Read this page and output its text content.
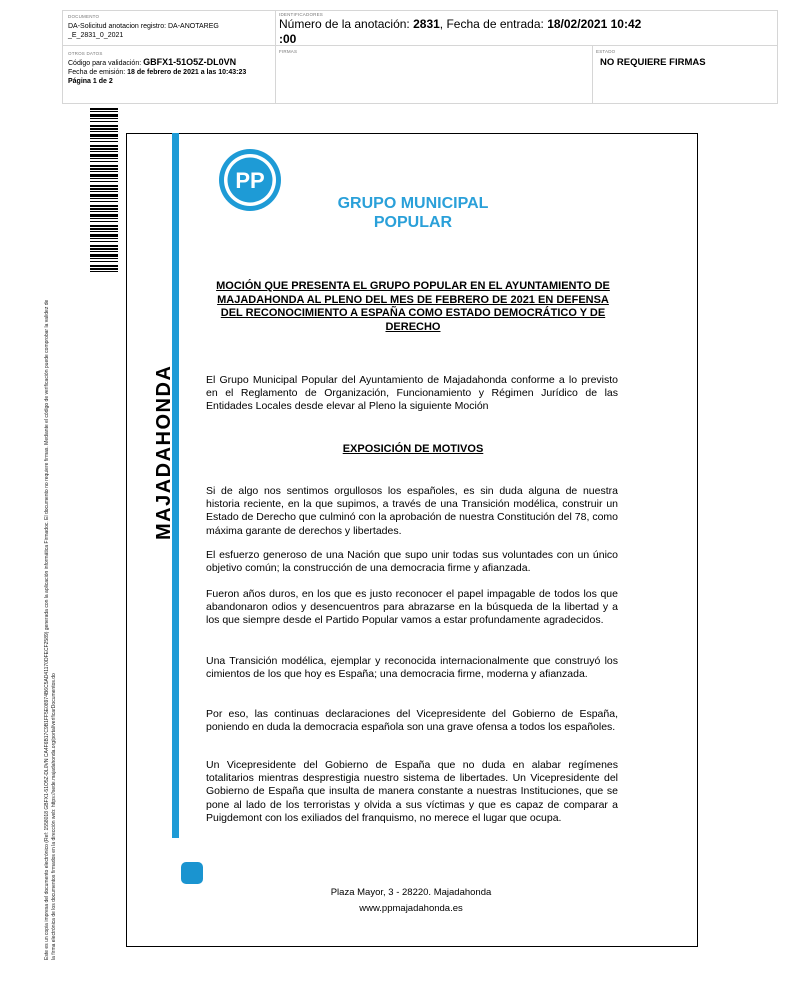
DOCUMENTO
DA-Solicitud anotacion registro: DA-ANOTAREG
_E_2831_0_2021
IDENTIFICADORES
Número de la anotación: 2831, Fecha de entrada: 18/02/2021 10:42
:00
OTROS DATOS
Código para validación: GBFX1-51O5Z-DL0VN
Fecha de emisión: 18 de febrero de 2021 a las 10:43:23
Página 1 de 2
FIRMAS	ESTADO
NO REQUIERE FIRMAS
Este es un copia impresa del documento electrónico (Ref: 1558018 GBFX1-51O5Z-DL0VN CA4F6B17C9B1FF5E08974B6C5AD41170DFECF2589) generada con la aplicación informática Firmadoc. El documento no requiere firmas. Mediante el código de verificación puede comprobar la validez de la firma electrónica de los documentos firmados en la dirección web: https://sede.majadahonda.org/portal/verificarDocumentos.do
MAJADAHONDA
PP
GRUPO MUNICIPAL
POPULAR
MOCIÓN QUE PRESENTA EL GRUPO POPULAR EN EL AYUNTAMIENTO DE MAJADAHONDA AL PLENO DEL MES DE FEBRERO DE 2021 EN DEFENSA DEL RECONOCIMIENTO A ESPAÑA COMO ESTADO DEMOCRÁTICO Y DE DERECHO
El Grupo Municipal Popular del Ayuntamiento de Majadahonda conforme a lo previsto en el Reglamento de Organización, Funcionamiento y Régimen Jurídico de las Entidades Locales desde elevar al Pleno la siguiente Moción
EXPOSICIÓN DE MOTIVOS
Si de algo nos sentimos orgullosos los españoles, es sin duda alguna de nuestra historia reciente, en la que supimos, a través de una Transición modélica, construir un Estado de Derecho que culminó con la aprobación de nuestra Constitución del 78, como máxima garante de derechos y libertades.
El esfuerzo generoso de una Nación que supo unir todas sus voluntades con un único objetivo común; la construcción de una democracia firme y afianzada.
Fueron años duros, en los que es justo reconocer el papel impagable de todos los que abandonaron odios y desencuentros para abrazarse en la búsqueda de la libertad y a los que siempre desde el Partido Popular vamos a estar profundamente agradecidos.
Una Transición modélica, ejemplar y reconocida internacionalmente que construyó los cimientos de los que hoy es España; una democracia firme, moderna y afianzada.
Por eso, las continuas declaraciones del Vicepresidente del Gobierno de España, poniendo en duda la democracia española son una grave ofensa a todos los españoles.
Un Vicepresidente del Gobierno de España que no duda en alabar regímenes totalitarios mientras desprestigia nuestro sistema de libertades. Un Vicepresidente del Gobierno de España que insulta de manera constante a nuestras Instituciones, que se pone al lado de los terroristas y olvida a sus víctimas y que es capaz de comparar a Puigdemont con los exiliados del franquismo, no merece el lugar que ocupa.
Plaza Mayor, 3 - 28220. Majadahonda
www.ppmajadahonda.es
